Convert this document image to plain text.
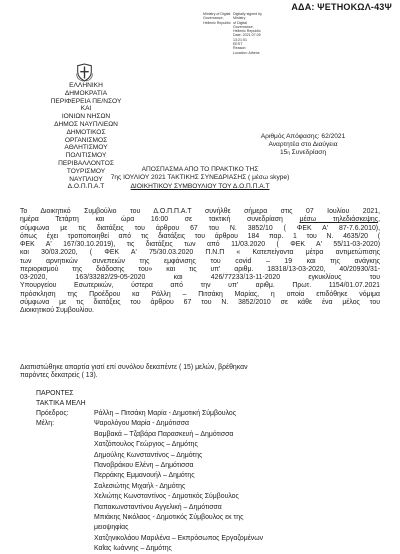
ΑΔΑ: ΨΕΤΗΟΚΩΛ-43Ψ
Ministry of Digital
Governance,
Hellenic Republic
Digitally signed by Ministry
of Digital Governance,
Hellenic Republic
Date: 2021.07.09 13:21:51
EEST
Reason:
Location: Athens
ΕΛΛΗΝΙΚΗ ΔΗΜΟΚΡΑΤΙΑ
ΠΕΡΙΦΕΡΕΙΑ ΠΕ/ΝΣΟΥ ΚΑΙ
ΙΟΝΙΩΝ ΝΗΣΩΝ
ΔΗΜΟΣ ΝΑΥΠΛΙΕΩΝ
ΔΗΜΟΤΙΚΟΣ ΟΡΓΑΝΙΣΜΟΣ
ΑΘΛΗΤΙΣΜΟΥ ΠΟΛΙΤΙΣΜΟΥ
ΠΕΡΙΒΑΛΛΟΝΤΟΣ
ΤΟΥΡΙΣΜΟΥ ΝΑΥΠΛΙΟΥ
Δ.Ο.Π.Π.Α.Τ
Αριθμός Απόφασης: 62/2021
Αναρτητέα στο Διαύγεια
$15^\eta$ Συνεδρίαση
ΑΠΟΣΠΑΣΜΑ ΑΠΟ ΤΟ ΠΡΑΚΤΙΚΟ ΤΗΣ
7ης ΙΟΥΛΙΟΥ 2021 ΤΑΚΤΙΚΗΣ ΣΥΝΕΔΡΙΑΣΗΣ ( μέσω skype)
ΔΙΟΙΚΗΤΙΚΟΥ ΣΥΜΒΟΥΛΙΟΥ ΤΟΥ Δ.Ο.Π.Π.Α.Τ
Το Διοικητικό Συμβούλιο του Δ.Ο.Π.Π.Α.Τ συνήλθε σήμερα στις 07 Ιουλίου 2021,
ημέρα Τετάρτη και ώρα 16:00 σε τακτική συνεδρίαση μέσω τηλεδιάσκεψης,
σύμφωνα με τις διατάξεις του άρθρου 67 του Ν. 3852/10 ( ΦΕΚ Α' 87-7.6.2010),
όπως έχει τροποποιηθεί από τις διατάξεις του άρθρου 184 παρ. 1 του Ν. 4635/20 (
ΦΕΚ Α' 167/30.10.2019), τις διατάξεις των από 11/03.2020 ( ΦΕΚ Α' 55/11-03-2020)
και 30/03.2020, ( ΦΕΚ Α' 75/30.03.2020 Π.Ν.Π « Κατεπείγοντα μέτρα αντιμετώπισης
των αρνητικών συνεπειών της εμφάνισης του covid – 19 και της ανάγκης
περιορισμού της διάδοσης του» και τις υπ' αριθμ. 18318/13-03-2020, 40/20930/31-
03-2020, 163/33282/29-05-2020 και 426/77233/13-11-2020 εγκυκλίους του
Υπουργείου Εσωτερικών, ύστερα από την υπ' αριθμ. Πρωτ. 1154/01.07.2021
πρόσκληση της Προέδρου κα Ράλλη – Πιτσάκη Μαρίας, η οποία επιδόθηκε νόμιμα
σύμφωνα με τις διατάξεις του άρθρου 67 του Ν. 3852/2010 σε κάθε ένα μέλος του
Διοικητικού Συμβουλίου.
Διαπιστώθηκε απαρτία γιατί επί συνόλου δεκαπέντε ( 15) μελών, βρέθηκαν
παρόντες δεκατρείς ( 13).
ΠΑΡΟΝΤΕΣ
ΤΑΚΤΙΚΑ ΜΕΛΗ
Πρόεδρος:	Ράλλη – Πιτσάκη Μαρία - Δημοτική Σύμβουλος
Μέλη:	Ψαρολόγου Μαρία - Δημότισσα
Βαμβακά – Τζαβάρα Παρασκευή – Δημότισσα
Χατζόπουλος Γεώργιος – Δημότης
Δημούλης Κωνσταντίνος – Δημότης
Πανοβράκου Ελένη – Δημότισσα
Περράκης Εμμανουήλ – Δημότης
Σαλεσιώτης Μιχαήλ - Δημότης
Χελιώτης Κωνσταντίνος - Δημοτικός Σύμβουλος
Παπακωνσταντίνου Αγγελική – Δημότισσα
Μπιάκης Νικόλαος - Δημοτικός Σύμβουλος εκ της
μειοψηφίας
Χατζηνικολάου Μαριλένα – Εκπρόσωπος Εργαζομένων
Καΐας Ιωάννης – Δημότης
